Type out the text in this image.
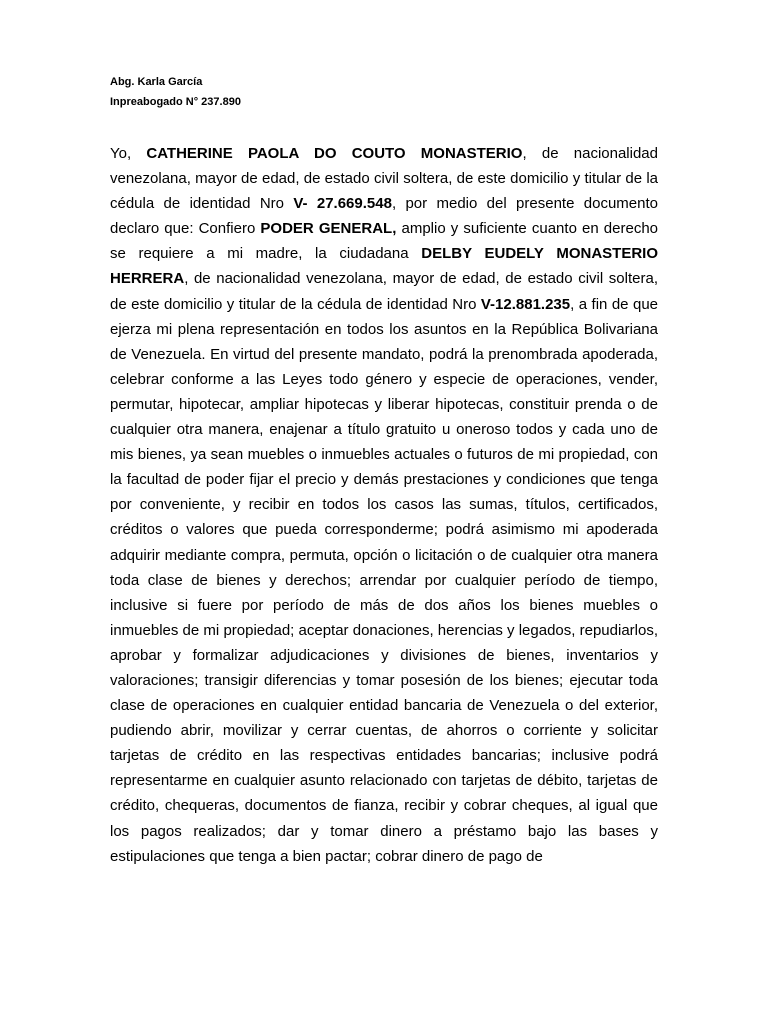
Abg. Karla García

Inpreabogado N° 237.890

Yo, CATHERINE PAOLA DO COUTO MONASTERIO, de nacionalidad venezolana, mayor de edad, de estado civil soltera, de este domicilio y titular de la cédula de identidad Nro V- 27.669.548, por medio del presente documento declaro que: Confiero PODER GENERAL, amplio y suficiente cuanto en derecho se requiere a mi madre, la ciudadana DELBY EUDELY MONASTERIO HERRERA, de nacionalidad venezolana, mayor de edad, de estado civil soltera, de este domicilio y titular de la cédula de identidad Nro V-12.881.235, a fin de que ejerza mi plena representación en todos los asuntos en la República Bolivariana de Venezuela. En virtud del presente mandato, podrá la prenombrada apoderada, celebrar conforme a las Leyes todo género y especie de operaciones, vender, permutar, hipotecar, ampliar hipotecas y liberar hipotecas, constituir prenda o de cualquier otra manera, enajenar a título gratuito u oneroso todos y cada uno de mis bienes, ya sean muebles o inmuebles actuales o futuros de mi propiedad, con la facultad de poder fijar el precio y demás prestaciones y condiciones que tenga por conveniente, y recibir en todos los casos las sumas, títulos, certificados, créditos o valores que pueda corresponderme; podrá asimismo mi apoderada adquirir mediante compra, permuta, opción o licitación o de cualquier otra manera toda clase de bienes y derechos; arrendar por cualquier período de tiempo, inclusive si fuere por período de más de dos años los bienes muebles o inmuebles de mi propiedad; aceptar donaciones, herencias y legados, repudiarlos, aprobar y formalizar adjudicaciones y divisiones de bienes, inventarios y valoraciones; transigir diferencias y tomar posesión de los bienes; ejecutar toda clase de operaciones en cualquier entidad bancaria de Venezuela o del exterior, pudiendo abrir, movilizar y cerrar cuentas, de ahorros o corriente y solicitar tarjetas de crédito en las respectivas entidades bancarias; inclusive podrá representarme en cualquier asunto relacionado con tarjetas de débito, tarjetas de crédito, chequeras, documentos de fianza, recibir y cobrar cheques, al igual que los pagos realizados; dar y tomar dinero a préstamo bajo las bases y estipulaciones que tenga a bien pactar; cobrar dinero de pago de
